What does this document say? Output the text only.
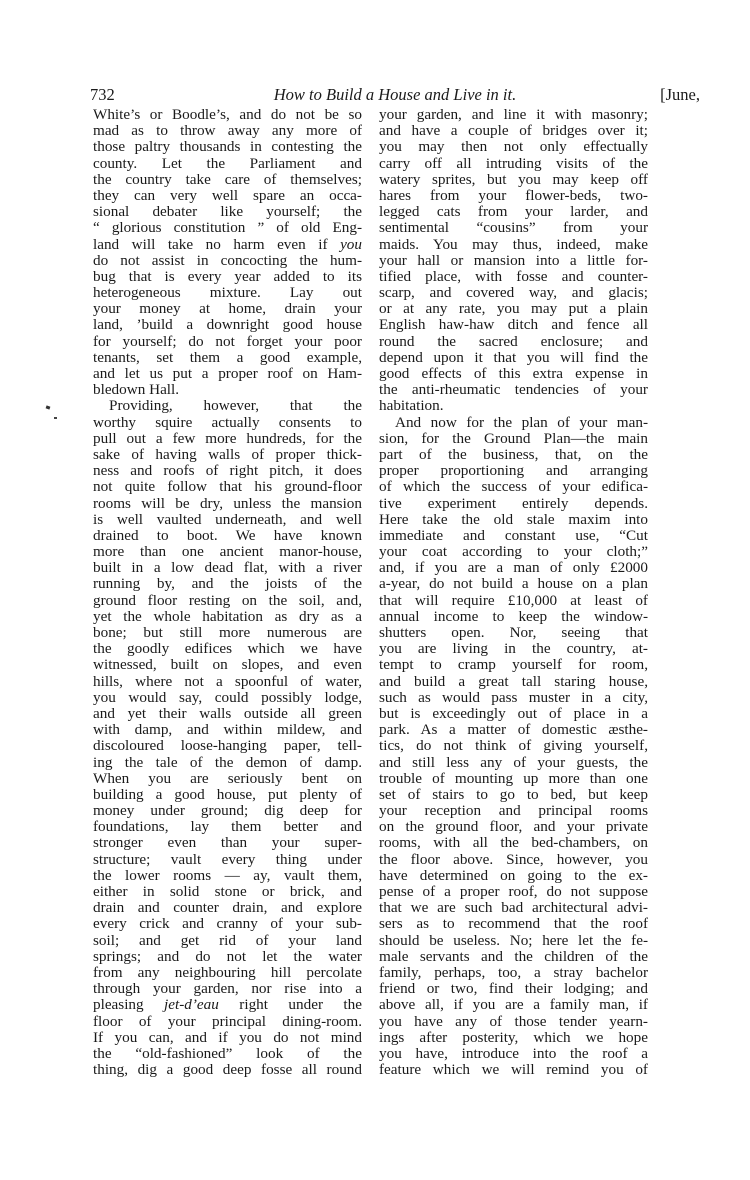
732	How to Build a House and Live in it.	[June,
White’s or Boodle’s, and do not be so
mad as to throw away any more of
those paltry thousands in contesting the
county. Let the Parliament and
the country take care of themselves;
they can very well spare an occa-
sional debater like yourself; the
“ glorious constitution ” of old Eng-
land will take no harm even if you
do not assist in concocting the hum-
bug that is every year added to its
heterogeneous mixture. Lay out
your money at home, drain your
land, ’build a downright good house
for yourself; do not forget your poor
tenants, set them a good example,
and let us put a proper roof on Ham-
bledown Hall.
Providing, however, that the
worthy squire actually consents to
pull out a few more hundreds, for the
sake of having walls of proper thick-
ness and roofs of right pitch, it does
not quite follow that his ground-floor
rooms will be dry, unless the mansion
is well vaulted underneath, and well
drained to boot. We have known
more than one ancient manor-house,
built in a low dead flat, with a river
running by, and the joists of the
ground floor resting on the soil, and,
yet the whole habitation as dry as a
bone; but still more numerous are
the goodly edifices which we have
witnessed, built on slopes, and even
hills, where not a spoonful of water,
you would say, could possibly lodge,
and yet their walls outside all green
with damp, and within mildew, and
discoloured loose-hanging paper, tell-
ing the tale of the demon of damp.
When you are seriously bent on
building a good house, put plenty of
money under ground; dig deep for
foundations, lay them better and
stronger even than your super-
structure; vault every thing under
the lower rooms — ay, vault them,
either in solid stone or brick, and
drain and counter drain, and explore
every crick and cranny of your sub-
soil; and get rid of your land
springs; and do not let the water
from any neighbouring hill percolate
through your garden, nor rise into a
pleasing jet-d’eau right under the
floor of your principal dining-room.
If you can, and if you do not mind
the “old-fashioned” look of the
thing, dig a good deep fosse all round
your garden, and line it with masonry;
and have a couple of bridges over it;
you may then not only effectually
carry off all intruding visits of the
watery sprites, but you may keep off
hares from your flower-beds, two-
legged cats from your larder, and
sentimental “cousins” from your
maids. You may thus, indeed, make
your hall or mansion into a little for-
tified place, with fosse and counter-
scarp, and covered way, and glacis;
or at any rate, you may put a plain
English haw-haw ditch and fence all
round the sacred enclosure; and
depend upon it that you will find the
good effects of this extra expense in
the anti-rheumatic tendencies of your
habitation.
And now for the plan of your man-
sion, for the Ground Plan—the main
part of the business, that, on the
proper proportioning and arranging
of which the success of your edifica-
tive experiment entirely depends.
Here take the old stale maxim into
immediate and constant use, “Cut
your coat according to your cloth;”
and, if you are a man of only £2000
a-year, do not build a house on a plan
that will require £10,000 at least of
annual income to keep the window-
shutters open. Nor, seeing that
you are living in the country, at-
tempt to cramp yourself for room,
and build a great tall staring house,
such as would pass muster in a city,
but is exceedingly out of place in a
park. As a matter of domestic æsthe-
tics, do not think of giving yourself,
and still less any of your guests, the
trouble of mounting up more than one
set of stairs to go to bed, but keep
your reception and principal rooms
on the ground floor, and your private
rooms, with all the bed-chambers, on
the floor above. Since, however, you
have determined on going to the ex-
pense of a proper roof, do not suppose
that we are such bad architectural advi-
sers as to recommend that the roof
should be useless. No; here let the fe-
male servants and the children of the
family, perhaps, too, a stray bachelor
friend or two, find their lodging; and
above all, if you are a family man, if
you have any of those tender yearn-
ings after posterity, which we hope
you have, introduce into the roof a
feature which we will remind you of
